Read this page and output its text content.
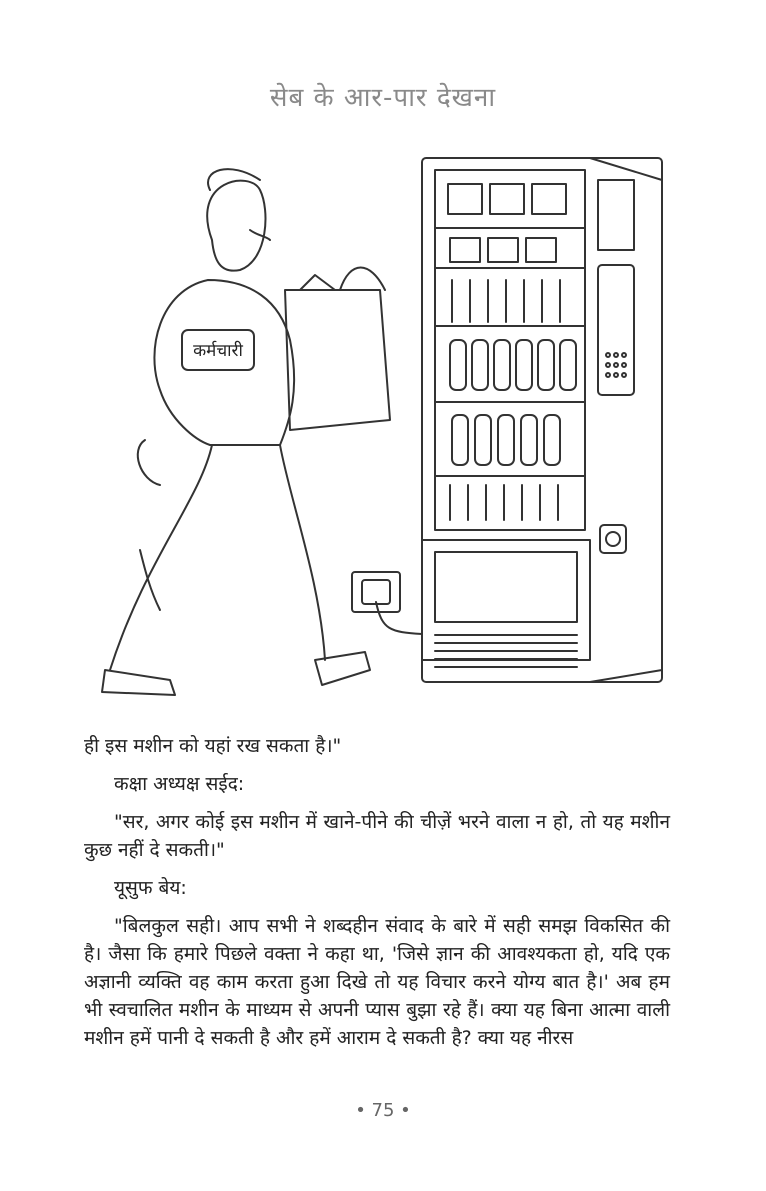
सेब के आर-पार देखना
कर्मचारी

ही इस मशीन को यहां रख सकता है।"

कक्षा अध्यक्ष सईद:

"सर, अगर कोई इस मशीन में खाने-पीने की चीज़ें भरने वाला न हो, तो यह मशीन कुछ नहीं दे सकती।"

यूसुफ बेय:

"बिलकुल सही। आप सभी ने शब्दहीन संवाद के बारे में सही समझ विकसित की है। जैसा कि हमारे पिछले वक्ता ने कहा था, 'जिसे ज्ञान की आवश्यकता हो, यदि एक अज्ञानी व्यक्ति वह काम करता हुआ दिखे तो यह विचार करने योग्य बात है।' अब हम भी स्वचालित मशीन के माध्यम से अपनी प्यास बुझा रहे हैं। क्या यह बिना आत्मा वाली मशीन हमें पानी दे सकती है और हमें आराम दे सकती है? क्या यह नीरस

• 75 •
